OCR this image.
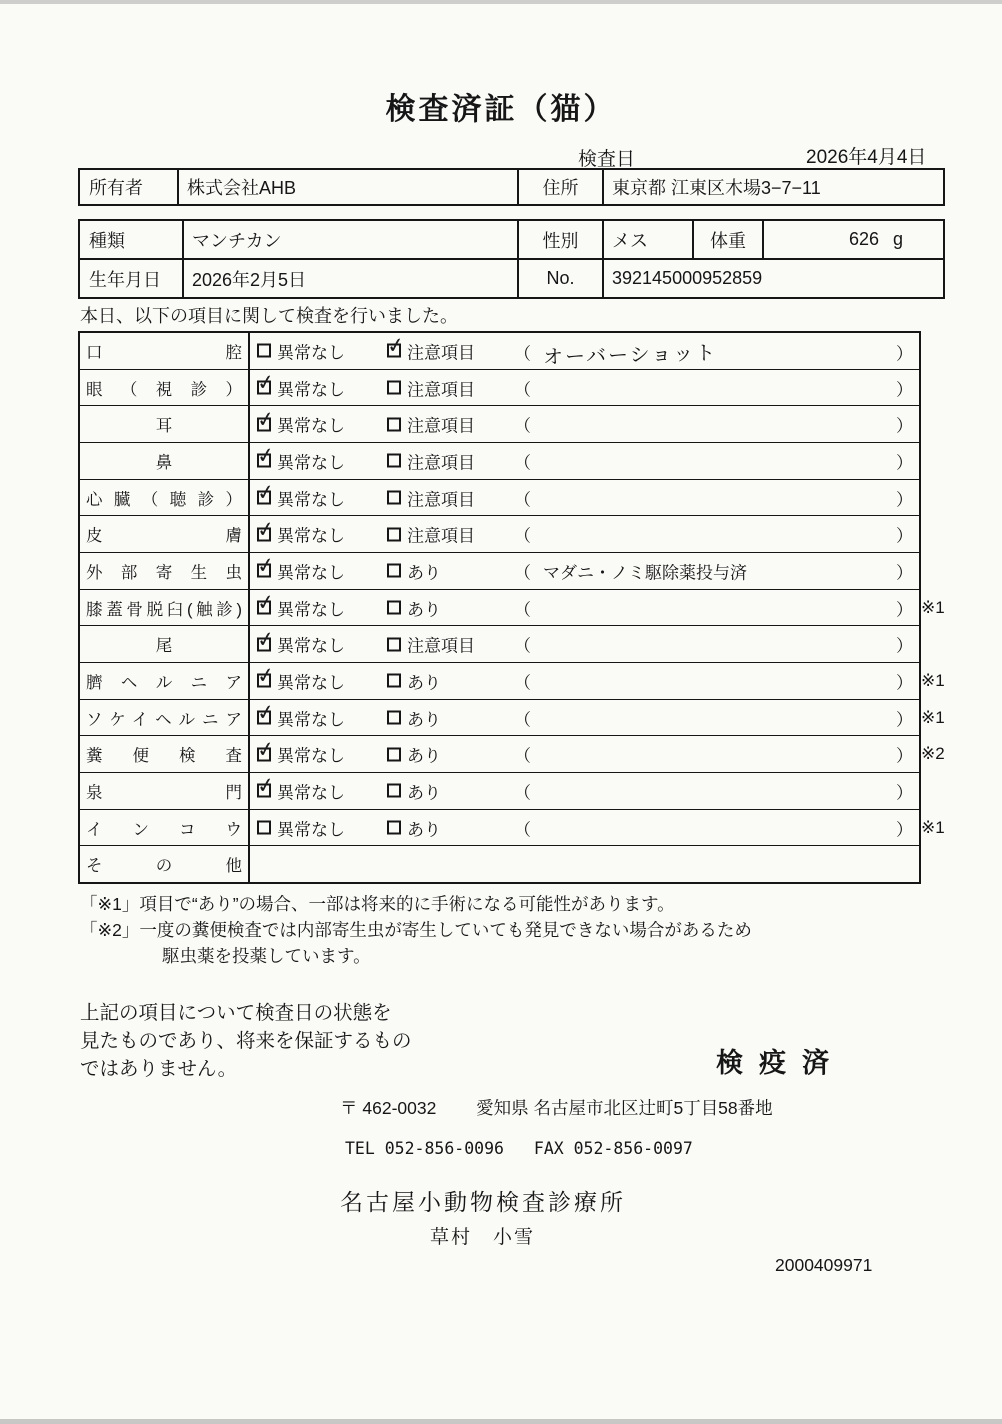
検査済証（猫）
検査日	2026年4月4日
所有者	株式会社AHB	住所	東京都 江東区木場3−7−11
種類	マンチカン	性別	メス	体重	626 g
生年月日	2026年2月5日	No.	392145000952859
本日、以下の項目に関して検査を行いました。
口腔 異常なし ✓ 注意項目 （ オーバーショット	）
眼（視診） ✓ 異常なし	注意項目 （	）
耳	✓ 異常なし	注意項目 （	）
鼻	✓ 異常なし	注意項目 （	）
心臓（聴診） ✓ 異常なし	注意項目 （	）
皮膚 ✓ 異常なし	注意項目 （	）
外部寄生虫 ✓ 異常なし	あり	（ マダニ・ノミ駆除薬投与済	）
膝蓋骨脱臼(触診) ✓ 異常なし	あり	（	） ※1
尾	✓ 異常なし	注意項目 （	）
臍ヘルニア ✓ 異常なし	あり	（	） ※1
ソケイヘルニア ✓ 異常なし	あり	（	） ※1
糞便検査 ✓ 異常なし	あり	（	） ※2
泉門 ✓ 異常なし	あり	（	）
インコウ 異常なし	あり	（	） ※1
その他
「※1」項目で“あり”の場合、一部は将来的に手術になる可能性があります。
「※2」一度の糞便検査では内部寄生虫が寄生していても発見できない場合があるため
駆虫薬を投薬しています。
上記の項目について検査日の状態を
見たものであり、将来を保証するもの
ではありません。	検疫済
〒 462-0032 愛知県 名古屋市北区辻町5丁目58番地
TEL 052-856-0096 FAX 052-856-0097
名古屋小動物検査診療所
草村　小雪
2000409971
